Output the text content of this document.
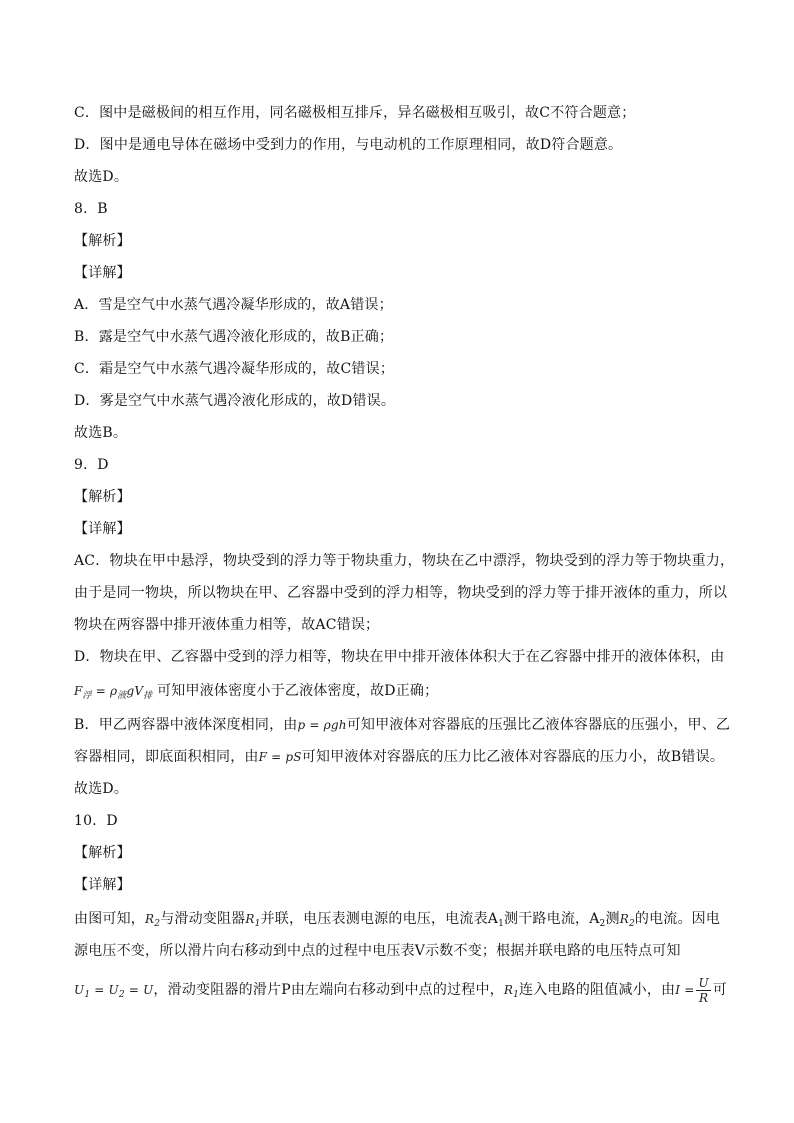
C．图中是磁极间的相互作用，同名磁极相互排斥，异名磁极相互吸引，故C不符合题意；
D．图中是通电导体在磁场中受到力的作用，与电动机的工作原理相同，故D符合题意。
故选D。
8．B
【解析】
【详解】
A．雪是空气中水蒸气遇冷凝华形成的，故A错误；
B．露是空气中水蒸气遇冷液化形成的，故B正确；
C．霜是空气中水蒸气遇冷凝华形成的，故C错误；
D．雾是空气中水蒸气遇冷液化形成的，故D错误。
故选B。
9．D
【解析】
【详解】
AC．物块在甲中悬浮，物块受到的浮力等于物块重力，物块在乙中漂浮，物块受到的浮力等于物块重力，
由于是同一物块，所以物块在甲、乙容器中受到的浮力相等，物块受到的浮力等于排开液体的重力，所以
物块在两容器中排开液体重力相等，故AC错误；
D．物块在甲、乙容器中受到的浮力相等，物块在甲中排开液体体积大于在乙容器中排开的液体体积，由
$F_浮 = \rho_液gV_排$ 可知甲液体密度小于乙液体密度，故D正确；
B．甲乙两容器中液体深度相同，由p = ρgh可知甲液体对容器底的压强比乙液体容器底的压强小，甲、乙
容器相同，即底面积相同，由F = pS可知甲液体对容器底的压力比乙液体对容器底的压力小，故B错误。
故选D。
10．D
【解析】
【详解】
由图可知，$R_2$与滑动变阻器$R_1$并联，电压表测电源的电压，电流表$A_1$测干路电流，$A_2$测$R_2$的电流。因电
源电压不变，所以滑片向右移动到中点的过程中电压表V示数不变；根据并联电路的电压特点可知
$U_1 = U_2 = U$，滑动变阻器的滑片P由左端向右移动到中点的过程中，$R_1$连入电路的阻值减小，由$I = \frac{U}{R}$ 可
